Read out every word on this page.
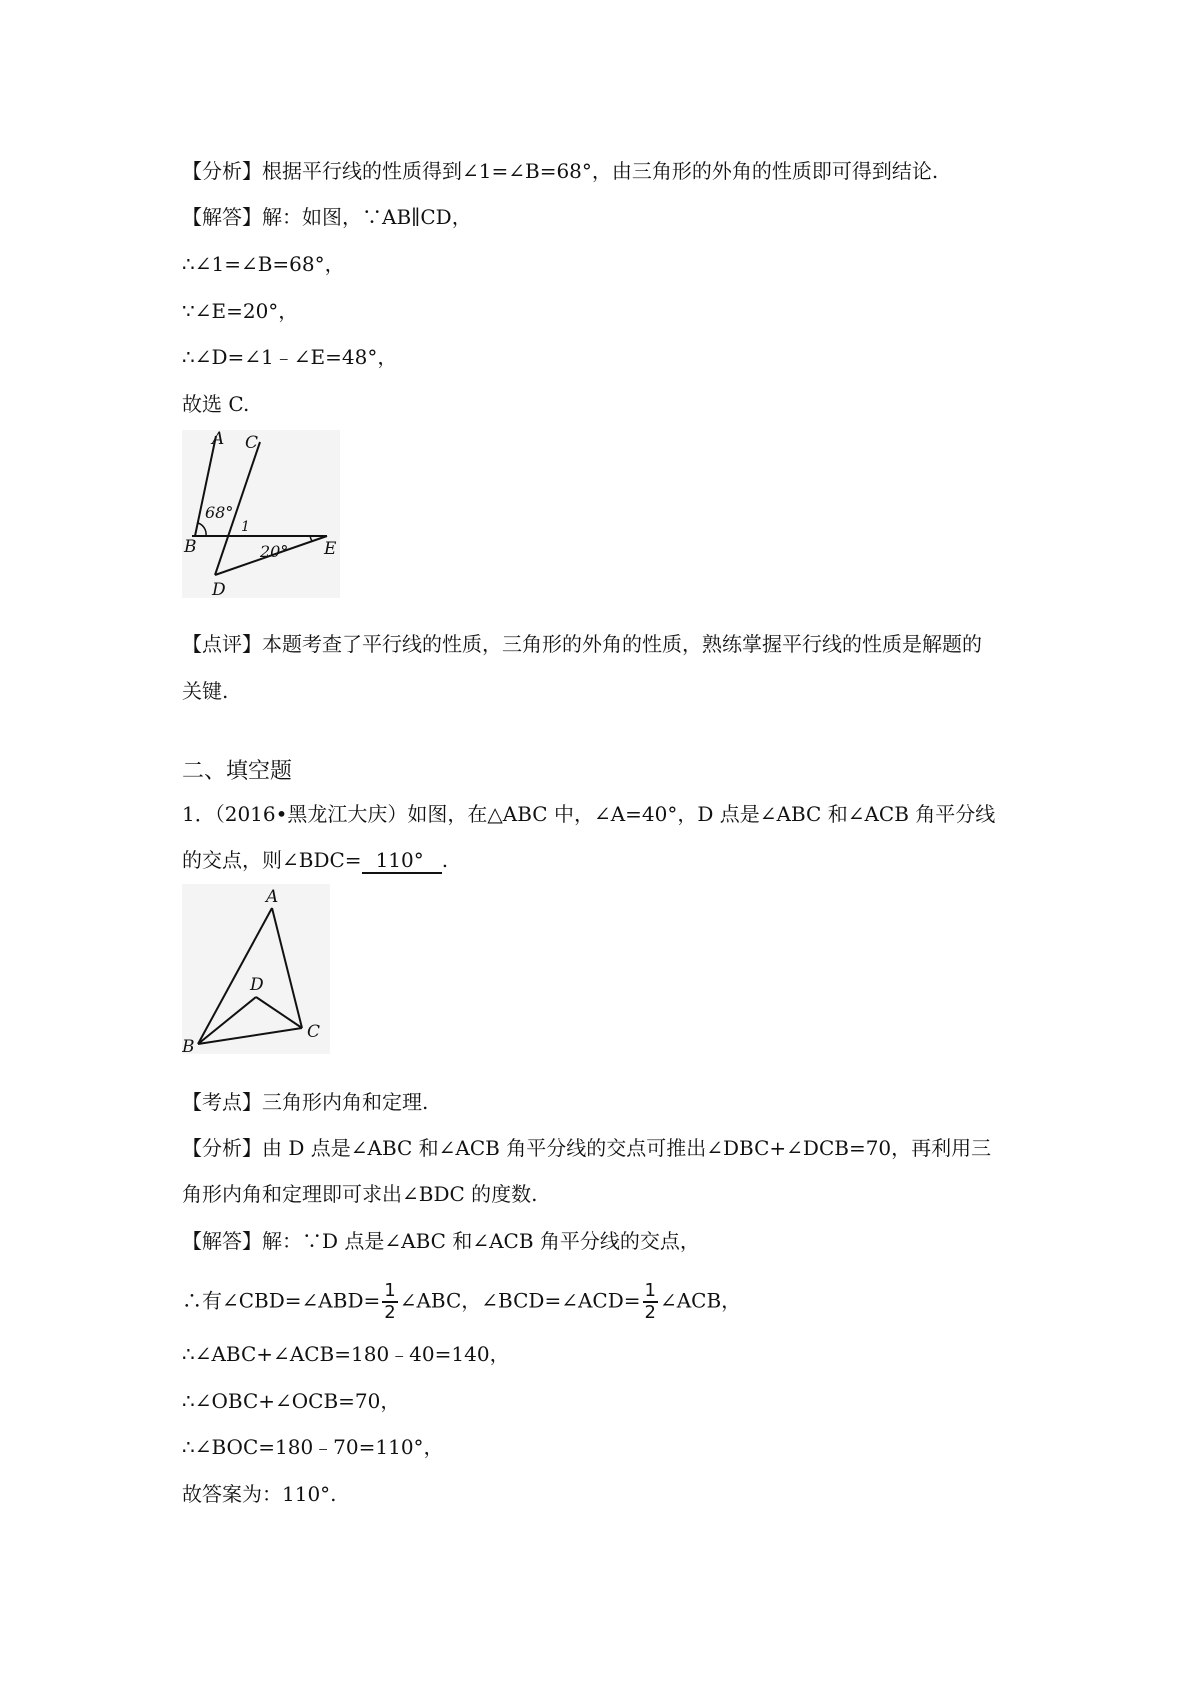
【分析】根据平行线的性质得到∠1=∠B=68°，由三角形的外角的性质即可得到结论.
【解答】解：如图，∵AB∥CD，
∴∠1=∠B=68°，
∵∠E=20°，
∴∠D=∠1﹣∠E=48°，
故选 C.
A C
B	E
D
1
68°
20°
【点评】本题考查了平行线的性质，三角形的外角的性质，熟练掌握平行线的性质是解题的
关键.
二、填空题
1．（2016•黑龙江大庆）如图，在△ABC 中，∠A=40°，D 点是∠ABC 和∠ACB 角平分线
的交点，则∠BDC= 110° .
A
B
C
D
【考点】三角形内角和定理.
【分析】由 D 点是∠ABC 和∠ACB 角平分线的交点可推出∠DBC+∠DCB=70，再利用三
角形内角和定理即可求出∠BDC 的度数.
【解答】解：∵D 点是∠ABC 和∠ACB 角平分线的交点，
∴有∠CBD=∠ABD= $\frac{1}{2}$ ∠ABC，∠BCD=∠ACD= $\frac{1}{2}$ ∠ACB，
∴∠ABC+∠ACB=180﹣40=140，
∴∠OBC+∠OCB=70，
∴∠BOC=180﹣70=110°，
故答案为：110°.
